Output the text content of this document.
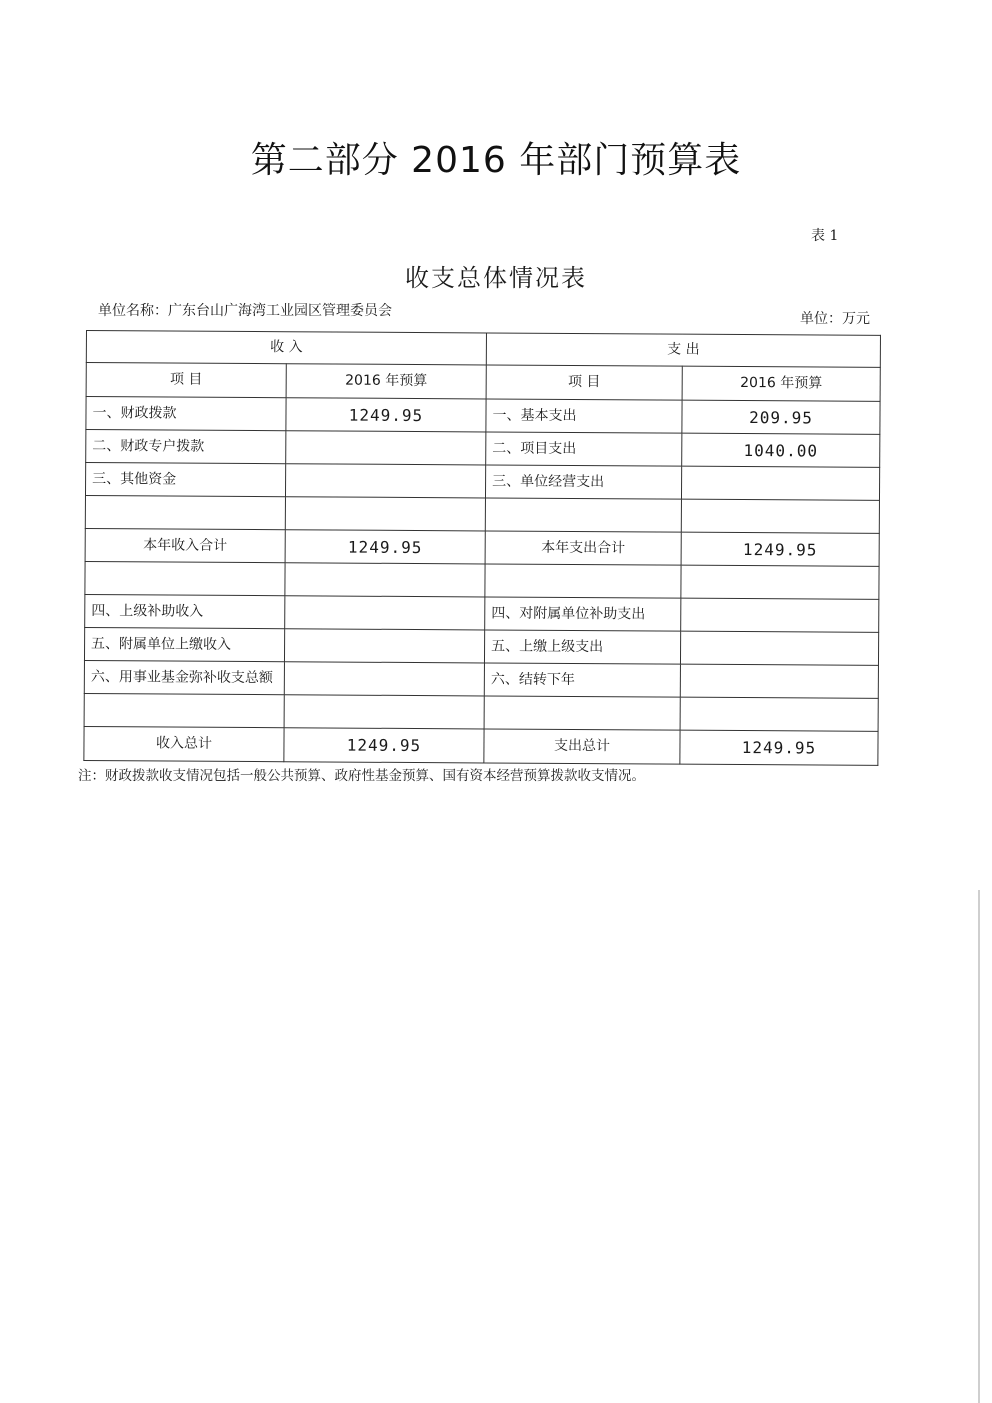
第二部分 2016 年部门预算表
表 1
收支总体情况表
单位名称：广东台山广海湾工业园区管理委员会	单位：万元
收 入		支 出	
项 目	2016 年预算	项 目	2016 年预算
一、财政拨款	1249.95	一、基本支出	209.95
二、财政专户拨款		二、项目支出	1040.00
三、其他资金		三、单位经营支出	

本年收入合计	1249.95	本年支出合计	1249.95

四、上级补助收入		四、对附属单位补助支出	
五、附属单位上缴收入		五、上缴上级支出	
六、用事业基金弥补收支总额		六、结转下年	

收入总计	1249.95	支出总计	1249.95
注：财政拨款收支情况包括一般公共预算、政府性基金预算、国有资本经营预算拨款收支情况。
